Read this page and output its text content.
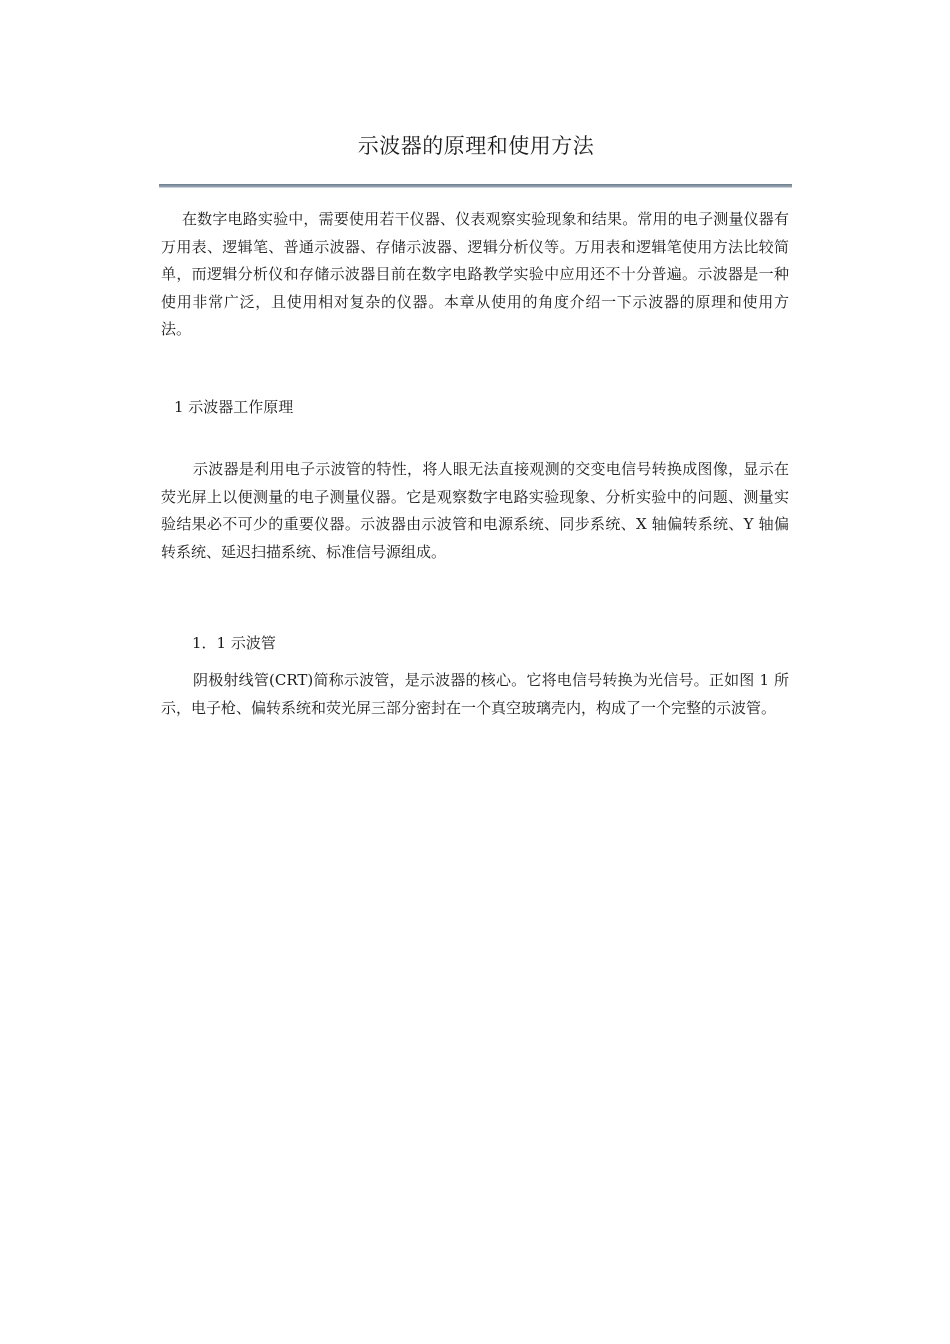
示波器的原理和使用方法
在数字电路实验中，需要使用若干仪器、仪表观察实验现象和结果。常用的电子测量仪器有万用表、逻辑笔、普通示波器、存储示波器、逻辑分析仪等。万用表和逻辑笔使用方法比较简单，而逻辑分析仪和存储示波器目前在数字电路教学实验中应用还不十分普遍。示波器是一种使用非常广泛，且使用相对复杂的仪器。本章从使用的角度介绍一下示波器的原理和使用方法。
1 示波器工作原理
示波器是利用电子示波管的特性，将人眼无法直接观测的交变电信号转换成图像，显示在荧光屏上以便测量的电子测量仪器。它是观察数字电路实验现象、分析实验中的问题、测量实验结果必不可少的重要仪器。示波器由示波管和电源系统、同步系统、X 轴偏转系统、Y 轴偏转系统、延迟扫描系统、标准信号源组成。
1．1 示波管
阴极射线管(CRT)简称示波管，是示波器的核心。它将电信号转换为光信号。正如图 1 所示，电子枪、偏转系统和荧光屏三部分密封在一个真空玻璃壳内，构成了一个完整的示波管。
